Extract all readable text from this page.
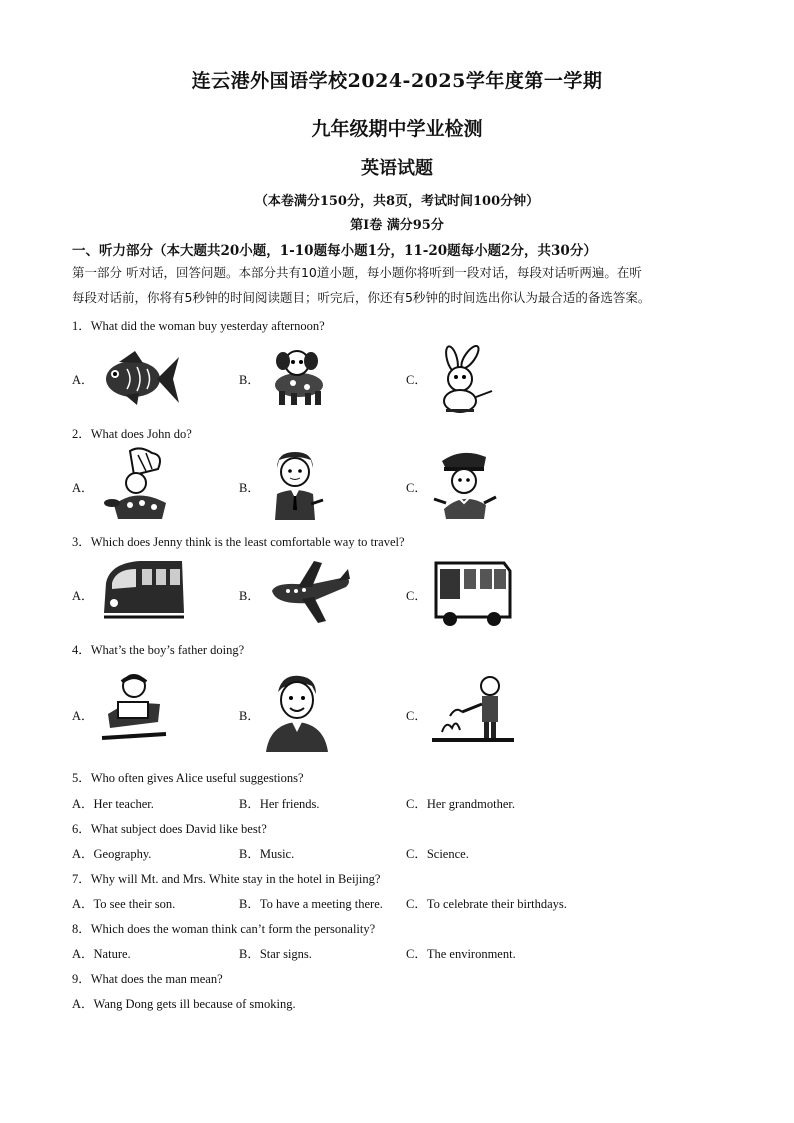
连云港外国语学校2024-2025学年度第一学期
九年级期中学业检测
英语试题
（本卷满分150分，共8页，考试时间100分钟）
第Ⅰ卷 满分95分
一、听力部分（本大题共20小题，1-10题每小题1分，11-20题每小题2分，共30分）
第一部分 听对话，回答问题。本部分共有10道小题，每小题你将听到一段对话，每段对话听两遍。在听
每段对话前，你将有5秒钟的时间阅读题目；听完后，你还有5秒钟的时间选出你认为最合适的备选答案。
1．What did the woman buy yesterday afternoon?
A．	B．	C．
2．What does John do?
A．	B．	C．
3．Which does Jenny think is the least comfortable way to travel?
A．	B．	C．
4．What’s the boy’s father doing?
A．	B．	C．
5．Who often gives Alice useful suggestions?
A．Her teacher.	B．Her friends.	C．Her grandmother.
6．What subject does David like best?
A．Geography.	B．Music.	C．Science.
7．Why will Mt. and Mrs. White stay in the hotel in Beijing?
A．To see their son.	B．To have a meeting there. C．To celebrate their birthdays.
8．Which does the woman think can’t form the personality?
A．Nature.	B．Star signs.	C．The environment.
9．What does the man mean?
A．Wang Dong gets ill because of smoking.
